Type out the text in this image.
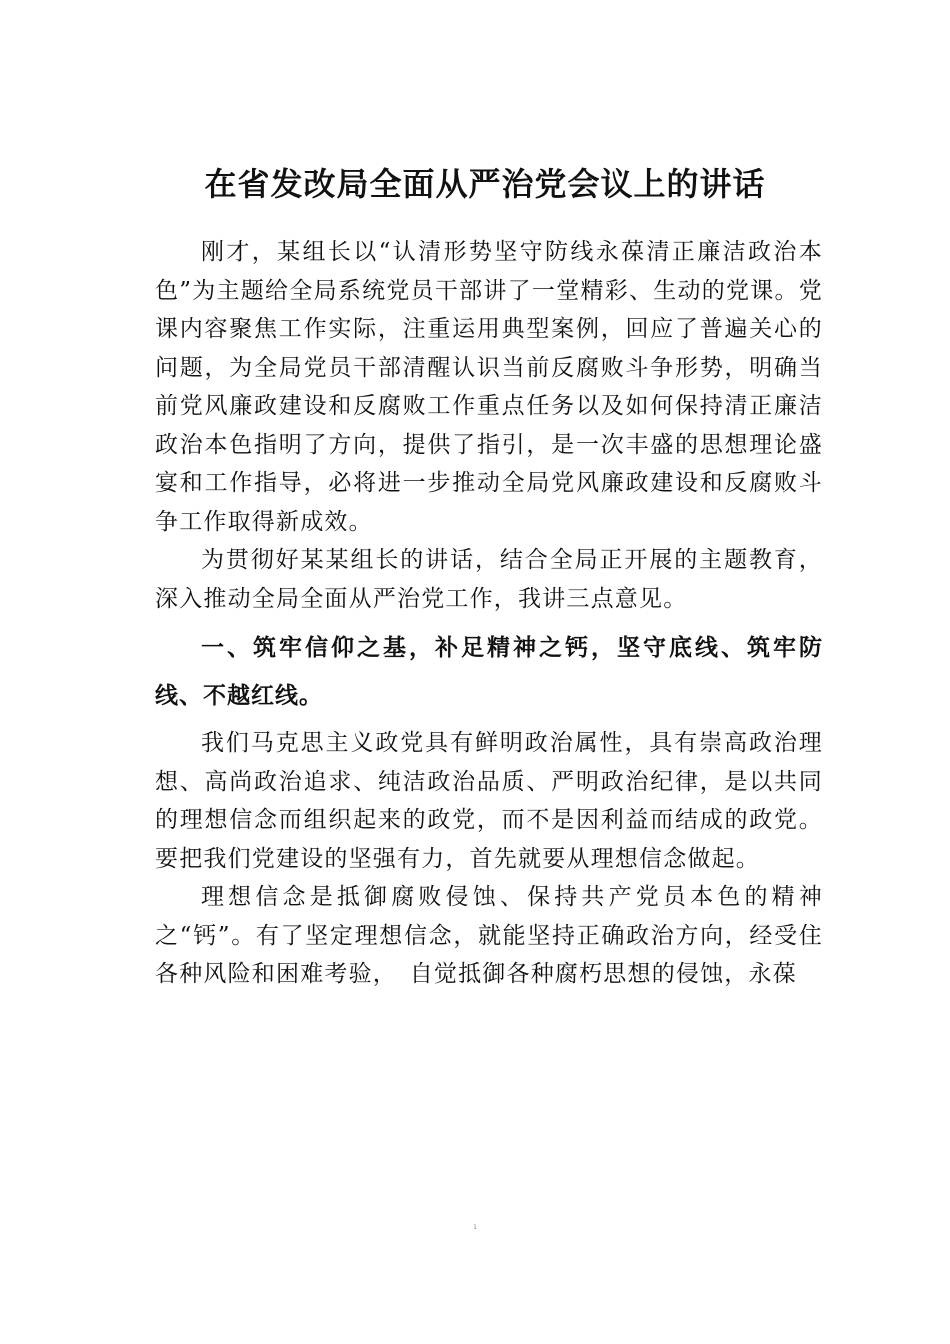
在省发改局全面从严治党会议上的讲话

刚才，某组长以“认清形势坚守防线永葆清正廉洁政治本色”为主题给全局系统党员干部讲了一堂精彩、生动的党课。党课内容聚焦工作实际，注重运用典型案例，回应了普遍关心的问题，为全局党员干部清醒认识当前反腐败斗争形势，明确当前党风廉政建设和反腐败工作重点任务以及如何保持清正廉洁政治本色指明了方向，提供了指引，是一次丰盛的思想理论盛宴和工作指导，必将进一步推动全局党风廉政建设和反腐败斗争工作取得新成效。

为贯彻好某某组长的讲话，结合全局正开展的主题教育，深入推动全局全面从严治党工作，我讲三点意见。

一、筑牢信仰之基，补足精神之钙，坚守底线、筑牢防线、不越红线。

我们马克思主义政党具有鲜明政治属性，具有崇高政治理想、高尚政治追求、纯洁政治品质、严明政治纪律，是以共同的理想信念而组织起来的政党，而不是因利益而结成的政党。要把我们党建设的坚强有力，首先就要从理想信念做起。

理想信念是抵御腐败侵蚀、保持共产党员本色的精神之“钙”。有了坚定理想信念，就能坚持正确政治方向，经受住各种风险和困难考验，　自觉抵御各种腐朽思想的侵蚀，永葆

1
